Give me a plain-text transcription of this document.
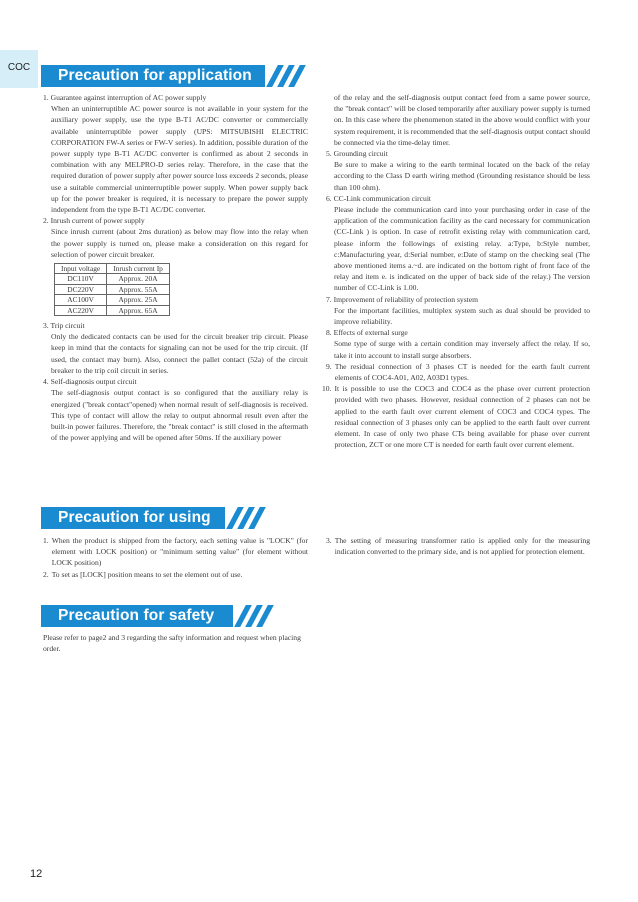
COC	Precaution for application
1. Guarantee against interruption of AC power supply
When an uninterruptible AC power source is not available in your system for the auxiliary power supply, use the type B-T1 AC/DC converter or commercially available uninterruptible power supply (UPS: MITSUBISHI ELECTRIC CORPORATION FW-A series or FW-V series). In addition, possible duration of the power supply type B-T1 AC/DC converter is confirmed as about 2 seconds in combination with any MELPRO-D series relay. Therefore, in the case that the required duration of power supply after power source loss exceeds 2 seconds, please use a suitable commercial uninterruptible power supply. When power supply back up for the power breaker is required, it is necessary to prepare the power supply independent from the type B-T1 AC/DC converter.
2. Inrush current of power supply
Since inrush current (about 2ms duration) as below may flow into the relay when the power supply is turned on, please make a consideration on this regard for selection of power circuit breaker.
Input voltage	Inrush current Ip
DC110V	Approx. 20A
DC220V	Approx. 55A
AC100V	Approx. 25A
AC220V	Approx. 65A
3. Trip circuit
Only the dedicated contacts can be used for the circuit breaker trip circuit. Please keep in mind that the contacts for signaling can not be used for the trip circuit. (If used, the contact may burn). Also, connect the pallet contact (52a) of the circuit breaker to the trip coil circuit in series.
4. Self-diagnosis output circuit
The self-diagnosis output contact is so configured that the auxiliary relay is energized ("break contact"opened) when normal result of self-diagnosis is received. This type of contact will allow the relay to output abnormal result even after the built-in power failures. Therefore, the "break contact" is still closed in the aftermath of the power applying and will be opened after 50ms. If the auxiliary power
of the relay and the self-diagnosis output contact feed from a same power source, the "break contact" will be closed temporarily after auxiliary power supply is turned on. In this case where the phenomenon stated in the above would conflict with your system requirement, it is recommended that the self-diagnosis output contact should be connected via the time-delay timer.
5. Grounding circuit
Be sure to make a wiring to the earth terminal located on the back of the relay according to the Class D earth wiring method (Grounding resistance should be less than 100 ohm).
6. CC-Link communication circuit
Please include the communication card into your purchasing order in case of the application of the communication facility as the card necessary for communication (CC-Link ) is option. In case of retrofit existing relay with communication card, please inform the followings of existing relay. a:Type, b:Style number, c:Manufacturing year, d:Serial number, e:Date of stamp on the checking seal (The above mentioned items a.~d. are indicated on the bottom right of front face of the relay and item e. is indicated on the upper of back side of the relay.) The version number of CC-Link is 1.00.
7. Improvement of reliability of protection system
For the important facilities, multiplex system such as dual should be provided to improve reliability.
8. Effects of external surge
Some type of surge with a certain condition may inversely affect the relay. If so, take it into account to install surge absorbers.
9. The residual connection of 3 phases CT is needed for the earth fault current elements of COC4-A01, A02, A03D1 types.
10. It is possible to use the COC3 and COC4 as the phase over current protection provided with two phases. However, residual connection of 2 phases can not be applied to the earth fault over current element of COC3 and COC4 types. The residual connection of 3 phases only can be applied to the earth fault over current element. In case of only two phase CTs being available for phase over current protection, ZCT or one more CT is needed for earth fault over current element.
Precaution for using
1. When the product is shipped from the factory, each setting value is "LOCK" (for element with LOCK position) or "minimum setting value" (for element without LOCK position)
2. To set as [LOCK] position means to set the element out of use.
3. The setting of measuring transformer ratio is applied only for the measuring indication converted to the primary side, and is not applied for protection element.
Precaution for safety
Please refer to page2 and 3 regarding the safty information and request when placing order.
12
